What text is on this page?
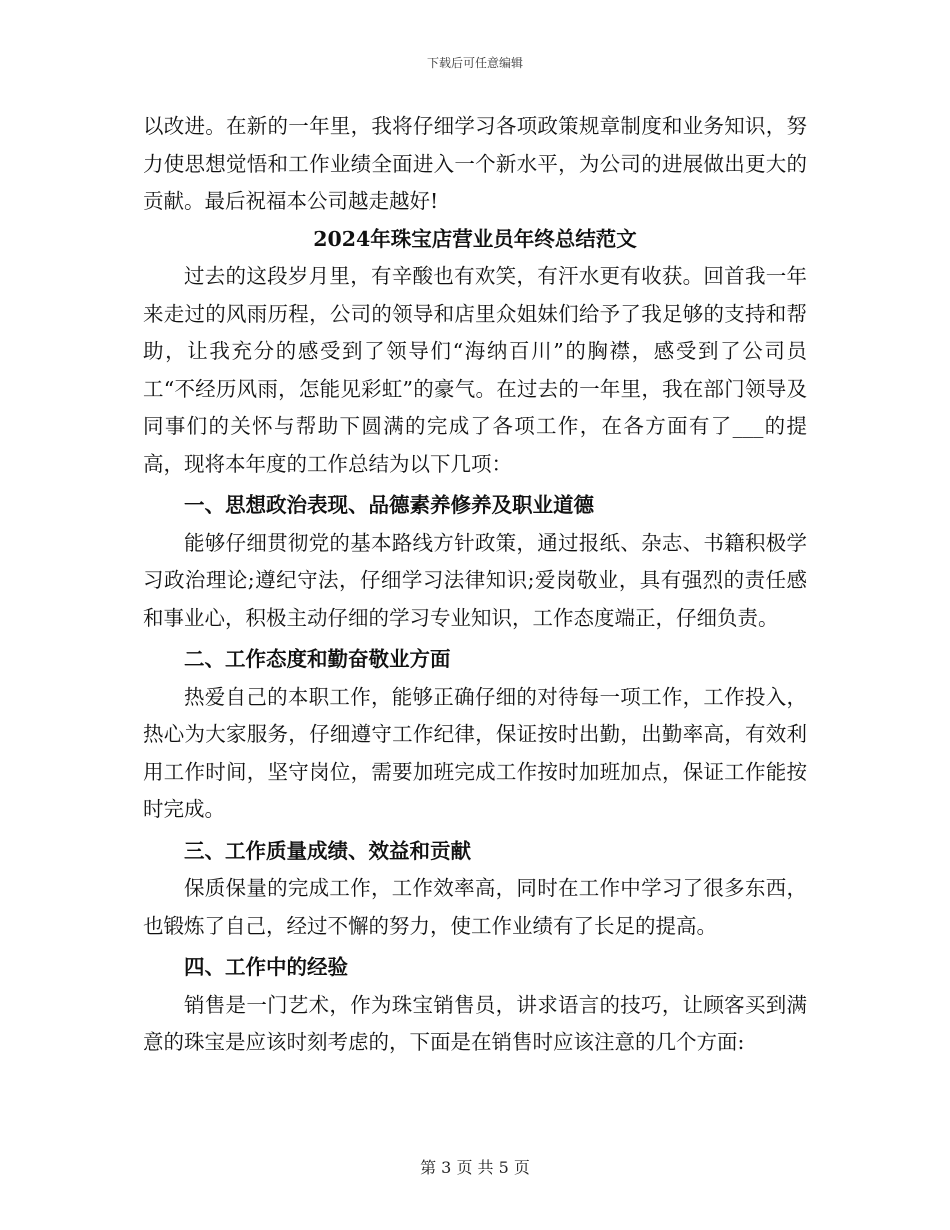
下载后可任意编辑

以改进。在新的一年里，我将仔细学习各项政策规章制度和业务知识，努力使思想觉悟和工作业绩全面进入一个新水平，为公司的进展做出更大的贡献。最后祝福本公司越走越好!

2024年珠宝店营业员年终总结范文

过去的这段岁月里，有辛酸也有欢笑，有汗水更有收获。回首我一年来走过的风雨历程，公司的领导和店里众姐妹们给予了我足够的支持和帮助，让我充分的感受到了领导们“海纳百川”的胸襟，感受到了公司员工“不经历风雨，怎能见彩虹”的豪气。在过去的一年里，我在部门领导及同事们的关怀与帮助下圆满的完成了各项工作，在各方面有了___的提高，现将本年度的工作总结为以下几项：

一、思想政治表现、品德素养修养及职业道德

能够仔细贯彻党的基本路线方针政策，通过报纸、杂志、书籍积极学习政治理论;遵纪守法，仔细学习法律知识;爱岗敬业，具有强烈的责任感和事业心，积极主动仔细的学习专业知识，工作态度端正，仔细负责。

二、工作态度和勤奋敬业方面

热爱自己的本职工作，能够正确仔细的对待每一项工作，工作投入，热心为大家服务，仔细遵守工作纪律，保证按时出勤，出勤率高，有效利用工作时间，坚守岗位，需要加班完成工作按时加班加点，保证工作能按时完成。

三、工作质量成绩、效益和贡献

保质保量的完成工作，工作效率高，同时在工作中学习了很多东西，也锻炼了自己，经过不懈的努力，使工作业绩有了长足的提高。

四、工作中的经验

销售是一门艺术，作为珠宝销售员，讲求语言的技巧，让顾客买到满意的珠宝是应该时刻考虑的，下面是在销售时应该注意的几个方面:

第 3 页 共 5 页
